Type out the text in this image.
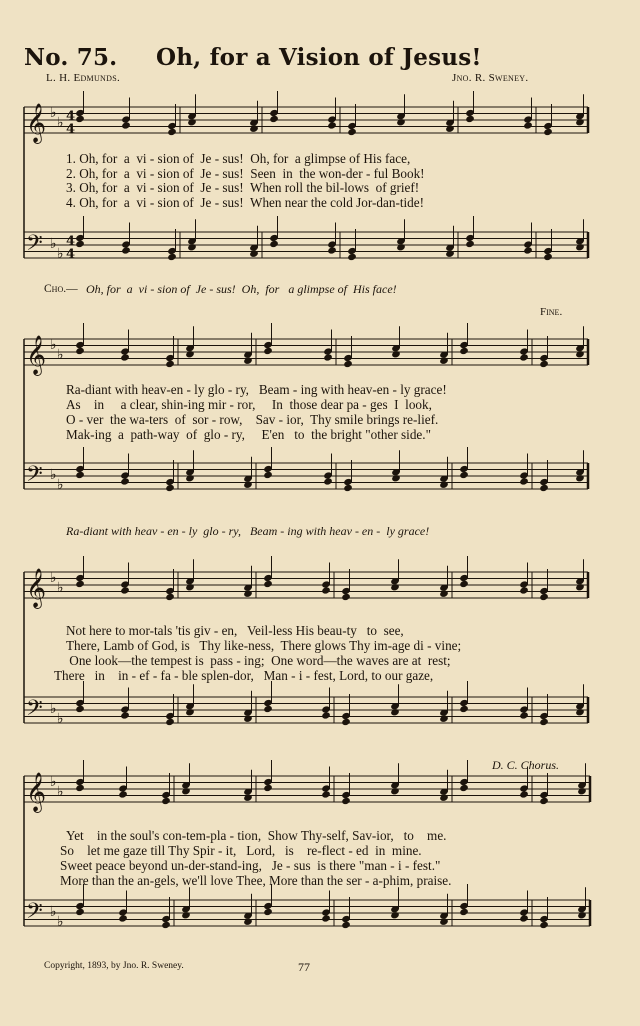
No. 75. Oh, for a Vision of Jesus!
L. H. Edmunds.	Jno. R. Sweney.
𝄞
𝄢
♭
♭
♭
♭
4
4
4
4
𝄞
𝄢
♭
♭
♭
♭
𝄞
𝄢
♭
♭
♭
♭
𝄞
𝄢
♭
♭
♭
♭
1. Oh, for  a  vi - sion of  Je - sus!  Oh, for  a glimpse of His face,
2. Oh, for  a  vi - sion of  Je - sus!  Seen  in  the won-der - ful Book!
3. Oh, for  a  vi - sion of  Je - sus!  When roll the bil-lows  of grief!
4. Oh, for  a  vi - sion of  Je - sus!  When near the cold Jor-dan-tide!
Cho.— Oh, for  a  vi - sion of  Je - sus!  Oh,  for   a glimpse of  His face!
Fine.
Ra-diant with heav-en - ly glo - ry,   Beam - ing with heav-en - ly grace!
As    in     a clear, shin-ing mir - ror,     In  those dear pa - ges  I  look,
O - ver  the wa-ters  of  sor - row,    Sav - ior,  Thy smile brings re-lief.
Mak-ing  a  path-way  of  glo - ry,     E'en   to  the bright "other side."
Ra-diant with heav - en - ly  glo - ry,   Beam - ing with heav - en -  ly grace!
Not here to mor-tals 'tis giv - en,   Veil-less His beau-ty   to  see,
There, Lamb of God, is   Thy like-ness,  There glows Thy im-age di - vine;
One look—the tempest is  pass - ing;  One word—the waves are at  rest;
There   in    in - ef - fa - ble splen-dor,   Man - i - fest, Lord, to our gaze,
D. C. Chorus.
Yet    in the soul's con-tem-pla - tion,  Show Thy-self, Sav-ior,   to    me.
So    let me gaze till Thy Spir - it,   Lord,   is    re-flect - ed  in  mine.
Sweet peace beyond un-der-stand-ing,   Je - sus  is there "man - i - fest."
More than the an-gels, we'll love Thee, More than the ser - a-phim, praise.
Copyright, 1893, by Jno. R. Sweney.	77
